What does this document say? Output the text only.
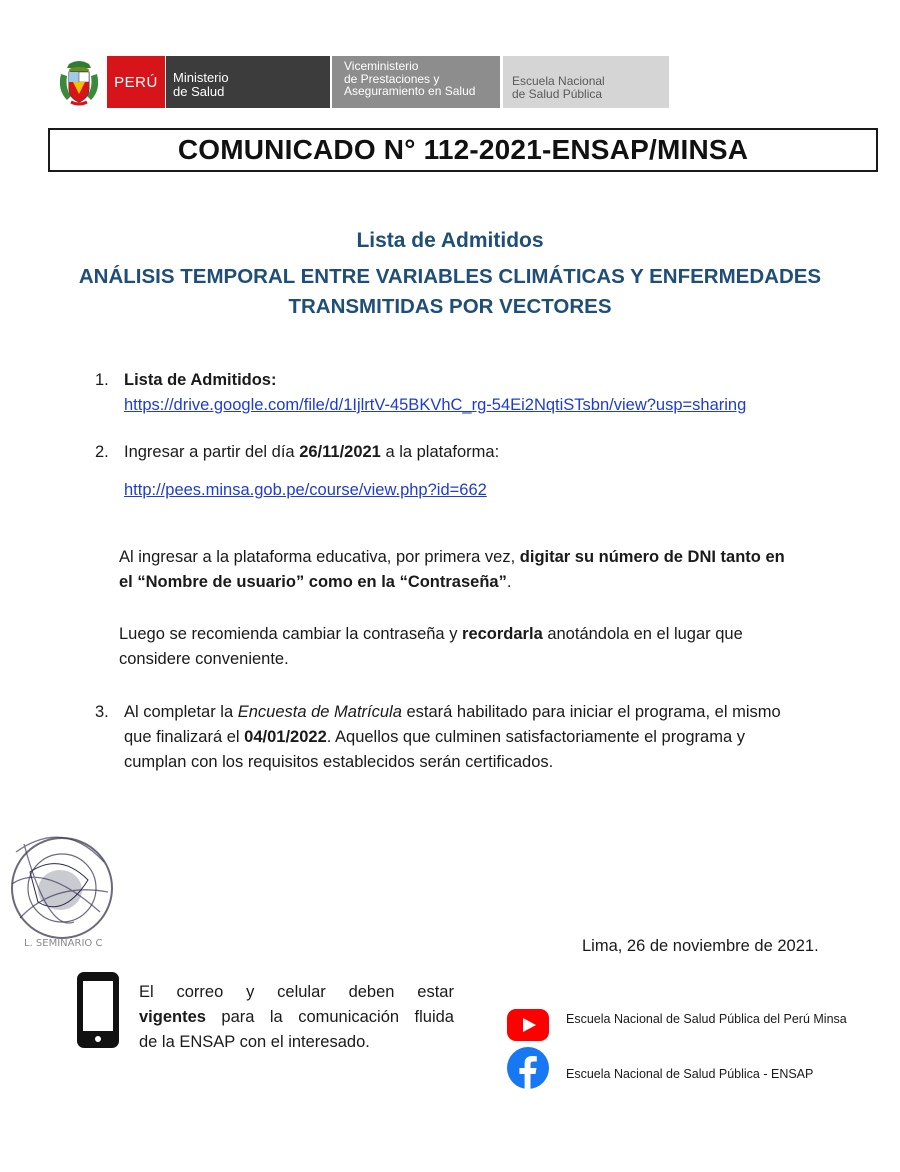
PERÚ	Ministerio
de Salud
Viceministerio
de Prestaciones y
Aseguramiento en Salud
Escuela Nacional
de Salud Pública
COMUNICADO N° 112-2021-ENSAP/MINSA
Lista de Admitidos
ANÁLISIS TEMPORAL ENTRE VARIABLES CLIMÁTICAS Y ENFERMEDADES
TRANSMITIDAS POR VECTORES
1. Lista de Admitidos:
https://drive.google.com/file/d/1IjlrtV-45BKVhC_rg-54Ei2NqtiSTsbn/view?usp=sharing
2. Ingresar a partir del día 26/11/2021 a la plataforma:
http://pees.minsa.gob.pe/course/view.php?id=662
Al ingresar a la plataforma educativa, por primera vez, digitar su número de DNI tanto en
el “Nombre de usuario” como en la “Contraseña”.
Luego se recomienda cambiar la contraseña y recordarla anotándola en el lugar que
considere conveniente.
3. Al completar la Encuesta de Matrícula estará habilitado para iniciar el programa, el mismo
que finalizará el 04/01/2022. Aquellos que culminen satisfactoriamente el programa y
cumplan con los requisitos establecidos serán certificados.
L. SEMINARIO C	Lima, 26 de noviembre de 2021.
El correo y celular deben estar
vigentes para la comunicación fluida
de la ENSAP con el interesado.
Escuela Nacional de Salud Pública del Perú Minsa
Escuela Nacional de Salud Pública - ENSAP
